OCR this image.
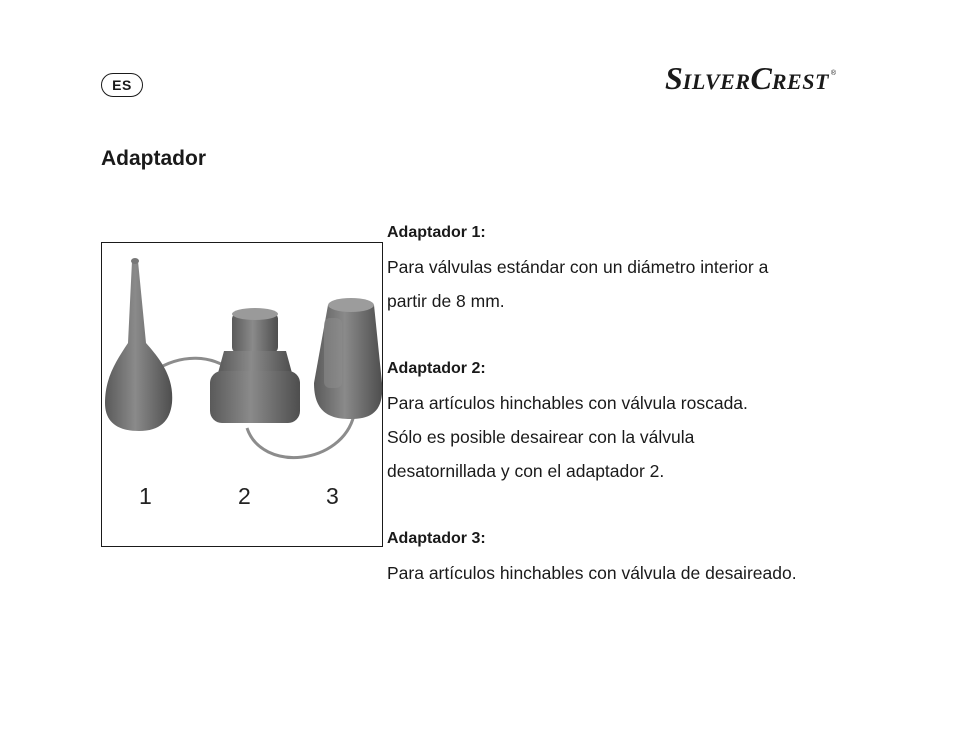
ES	SILVERCREST ®
Adaptador
1	2	3
Adaptador 1:
Para válvulas estándar con un diámetro interior a
partir de 8 mm.
Adaptador 2:
Para artículos hinchables con válvula roscada.
Sólo es posible desairear con la válvula
desatornillada y con el adaptador 2.
Adaptador 3:
Para artículos hinchables con válvula de desaireado.
